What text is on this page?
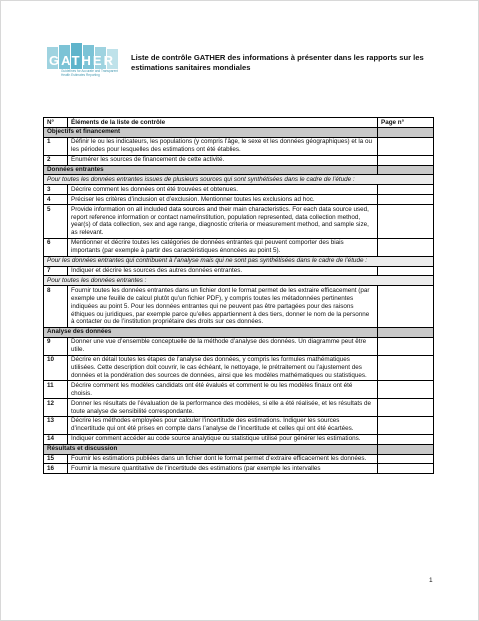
GATHER
Guidelines for Accurate and Transparent Health Estimates Reporting
Liste de contrôle GATHER des informations à présenter dans les rapports sur les estimations sanitaires mondiales
N°	Éléments de la liste de contrôle	Page n°
Objectifs et financement		
1	Définir le ou les indicateurs, les populations (y compris l’âge, le sexe et les données géographiques) et la ou les périodes pour lesquelles des estimations ont été établies.	
2	Énumérer les sources de financement de cette activité.	
Données entrantes		
Pour toutes les données entrantes issues de plusieurs sources qui sont synthétisées dans le cadre de l’étude :		
3	Décrire comment les données ont été trouvées et obtenues.	
4	Préciser les critères d’inclusion et d’exclusion. Mentionner toutes les exclusions ad hoc.	
5	Provide information on all included data sources and their main characteristics. For each data source used, report reference information or contact name/institution, population represented, data collection method, year(s) of data collection, sex and age range, diagnostic criteria or measurement method, and sample size, as relevant.	
6	Mentionner et décrire toutes les catégories de données entrantes qui peuvent comporter des biais importants (par exemple à partir des caractéristiques énoncées au point 5).	
Pour les données entrantes qui contribuent à l’analyse mais qui ne sont pas synthétisées dans le cadre de l’étude :		
7	Indiquer et décrire les sources des autres données entrantes.	
Pour toutes les données entrantes :		
8	Fournir toutes les données entrantes dans un fichier dont le format permet de les extraire efficacement (par exemple une feuille de calcul plutôt qu’un fichier PDF), y compris toutes les métadonnées pertinentes indiquées au point 5. Pour les données entrantes qui ne peuvent pas être partagées pour des raisons éthiques ou juridiques, par exemple parce qu’elles appartiennent à des tiers, donner le nom de la personne à contacter ou de l’institution propriétaire des droits sur ces données.	
Analyse des données		
9	Donner une vue d’ensemble conceptuelle de la méthode d’analyse des données. Un diagramme peut être utile.	
10	Décrire en détail toutes les étapes de l’analyse des données, y compris les formules mathématiques utilisées. Cette description doit couvrir, le cas échéant, le nettoyage, le prétraitement ou l’ajustement des données et la pondération des sources de données, ainsi que les modèles mathématiques ou statistiques.	
11	Décrire comment les modèles candidats ont été évalués et comment le ou les modèles finaux ont été choisis.	
12	Donner les résultats de l’évaluation de la performance des modèles, si elle a été réalisée, et les résultats de toute analyse de sensibilité correspondante.	
13	Décrire les méthodes employées pour calculer l’incertitude des estimations. Indiquer les sources d’incertitude qui ont été prises en compte dans l’analyse de l’incertitude et celles qui ont été écartées.	
14	Indiquer comment accéder au code source analytique ou statistique utilisé pour générer les estimations.	
Résultats et discussion		
15	Fournir les estimations publiées dans un fichier dont le format permet d’extraire efficacement les données.	
16	Fournir la mesure quantitative de l’incertitude des estimations (par exemple les intervalles	
1
